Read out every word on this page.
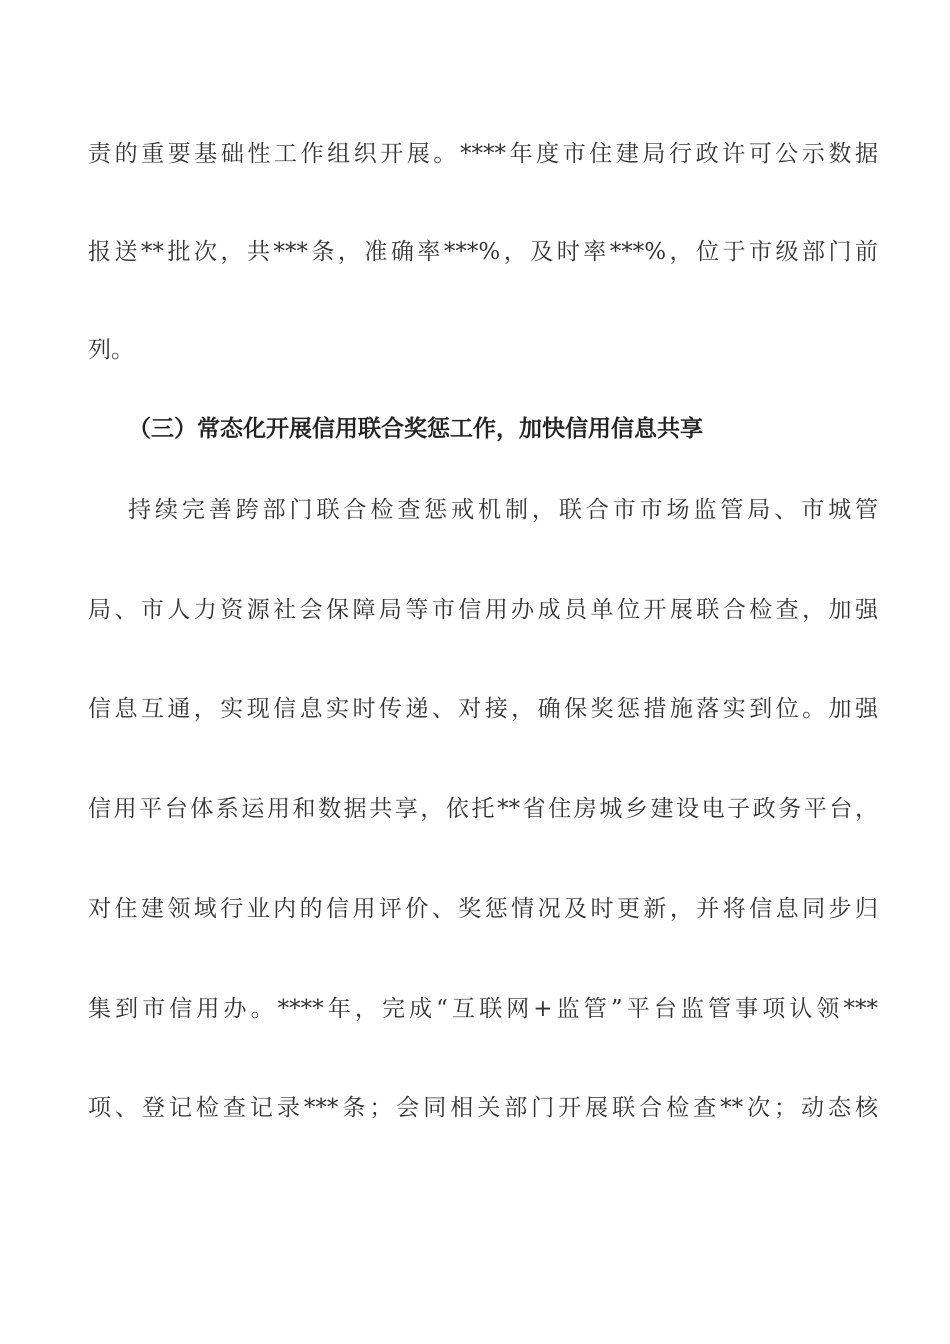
责的重要基础性工作组织开展。****年度市住建局行政许可公示数据
报送**批次，共***条，准确率***%，及时率***%，位于市级部门前
列。
（三）常态化开展信用联合奖惩工作，加快信用信息共享
持续完善跨部门联合检查惩戒机制，联合市市场监管局、市城管
局、市人力资源社会保障局等市信用办成员单位开展联合检查，加强
信息互通，实现信息实时传递、对接，确保奖惩措施落实到位。加强
信用平台体系运用和数据共享，依托**省住房城乡建设电子政务平台，
对住建领域行业内的信用评价、奖惩情况及时更新，并将信息同步归
集到市信用办。****年，完成“互联网+监管”平台监管事项认领***
项、登记检查记录***条；会同相关部门开展联合检查**次；动态核
